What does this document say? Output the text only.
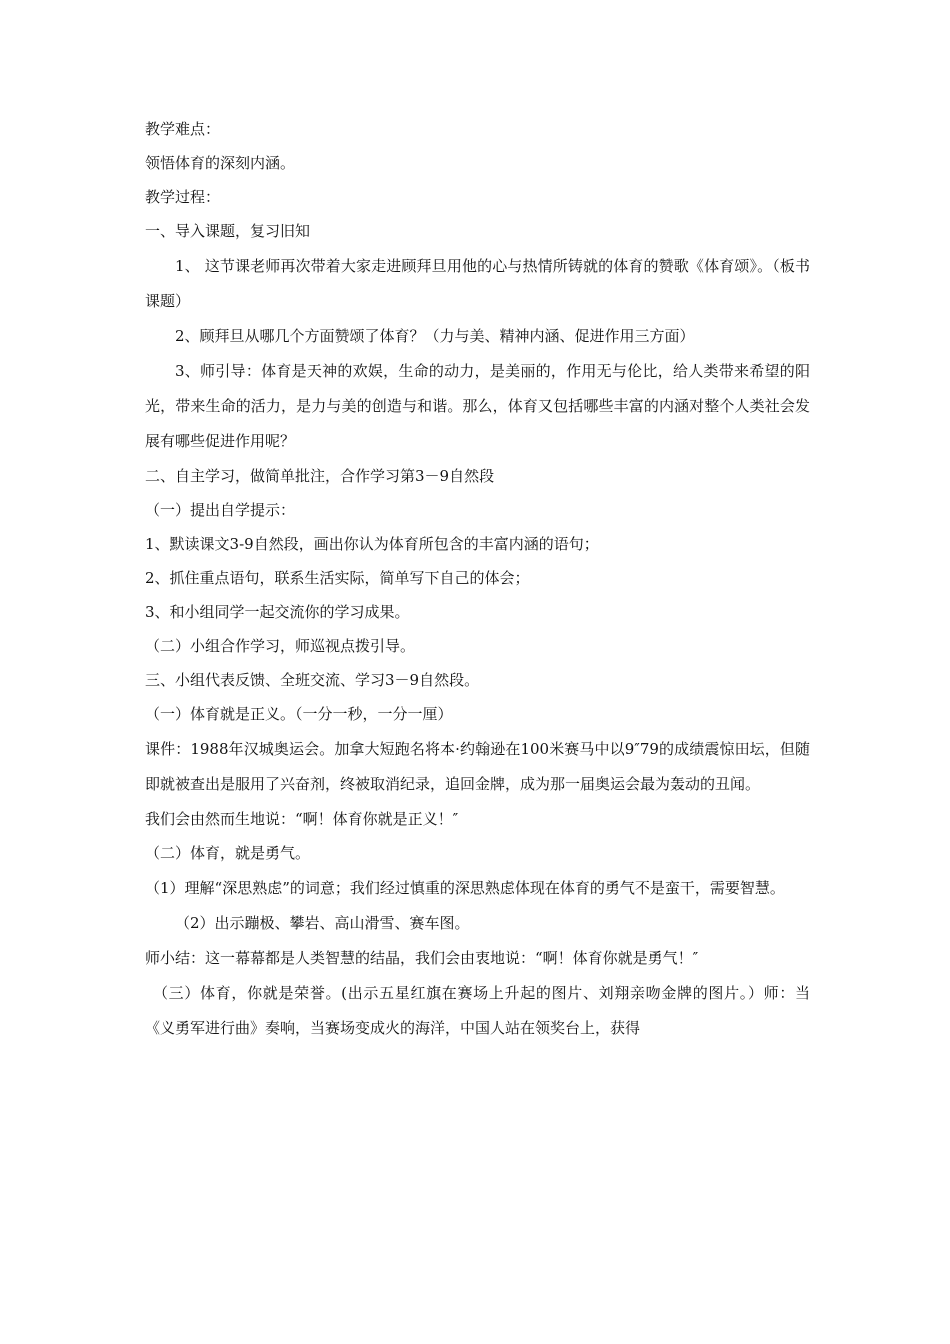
教学难点：

领悟体育的深刻内涵。

教学过程：

一、导入课题，复习旧知

1、 这节课老师再次带着大家走进顾拜旦用他的心与热情所铸就的体育的赞歌《体育颂》。（板书课题）

2、顾拜旦从哪几个方面赞颂了体育？（力与美、精神内涵、促进作用三方面）

3、师引导：体育是天神的欢娱，生命的动力，是美丽的，作用无与伦比，给人类带来希望的阳光，带来生命的活力，是力与美的创造与和谐。那么，体育又包括哪些丰富的内涵对整个人类社会发展有哪些促进作用呢？

二、自主学习，做简单批注，合作学习第3－9自然段

（一）提出自学提示：

1、默读课文3-9自然段，画出你认为体育所包含的丰富内涵的语句；

2、抓住重点语句，联系生活实际，简单写下自己的体会；

3、和小组同学一起交流你的学习成果。

（二）小组合作学习，师巡视点拨引导。

三、小组代表反馈、全班交流、学习3－9自然段。

（一）体育就是正义。（一分一秒，一分一厘）

课件：1988年汉城奥运会。加拿大短跑名将本·约翰逊在100米赛马中以9″79的成绩震惊田坛，但随即就被查出是服用了兴奋剂，终被取消纪录，追回金牌，成为那一届奥运会最为轰动的丑闻。

我们会由然而生地说：“啊！体育你就是正义！″

（二）体育，就是勇气。

（1）理解“深思熟虑”的词意；我们经过慎重的深思熟虑体现在体育的勇气不是蛮干，需要智慧。

（2）出示蹦极、攀岩、高山滑雪、赛车图。

师小结：这一幕幕都是人类智慧的结晶，我们会由衷地说：“啊！体育你就是勇气！″

（三）体育，你就是荣誉。(出示五星红旗在赛场上升起的图片、刘翔亲吻金牌的图片。）师：当《义勇军进行曲》奏响，当赛场变成火的海洋，中国人站在领奖台上，获得
